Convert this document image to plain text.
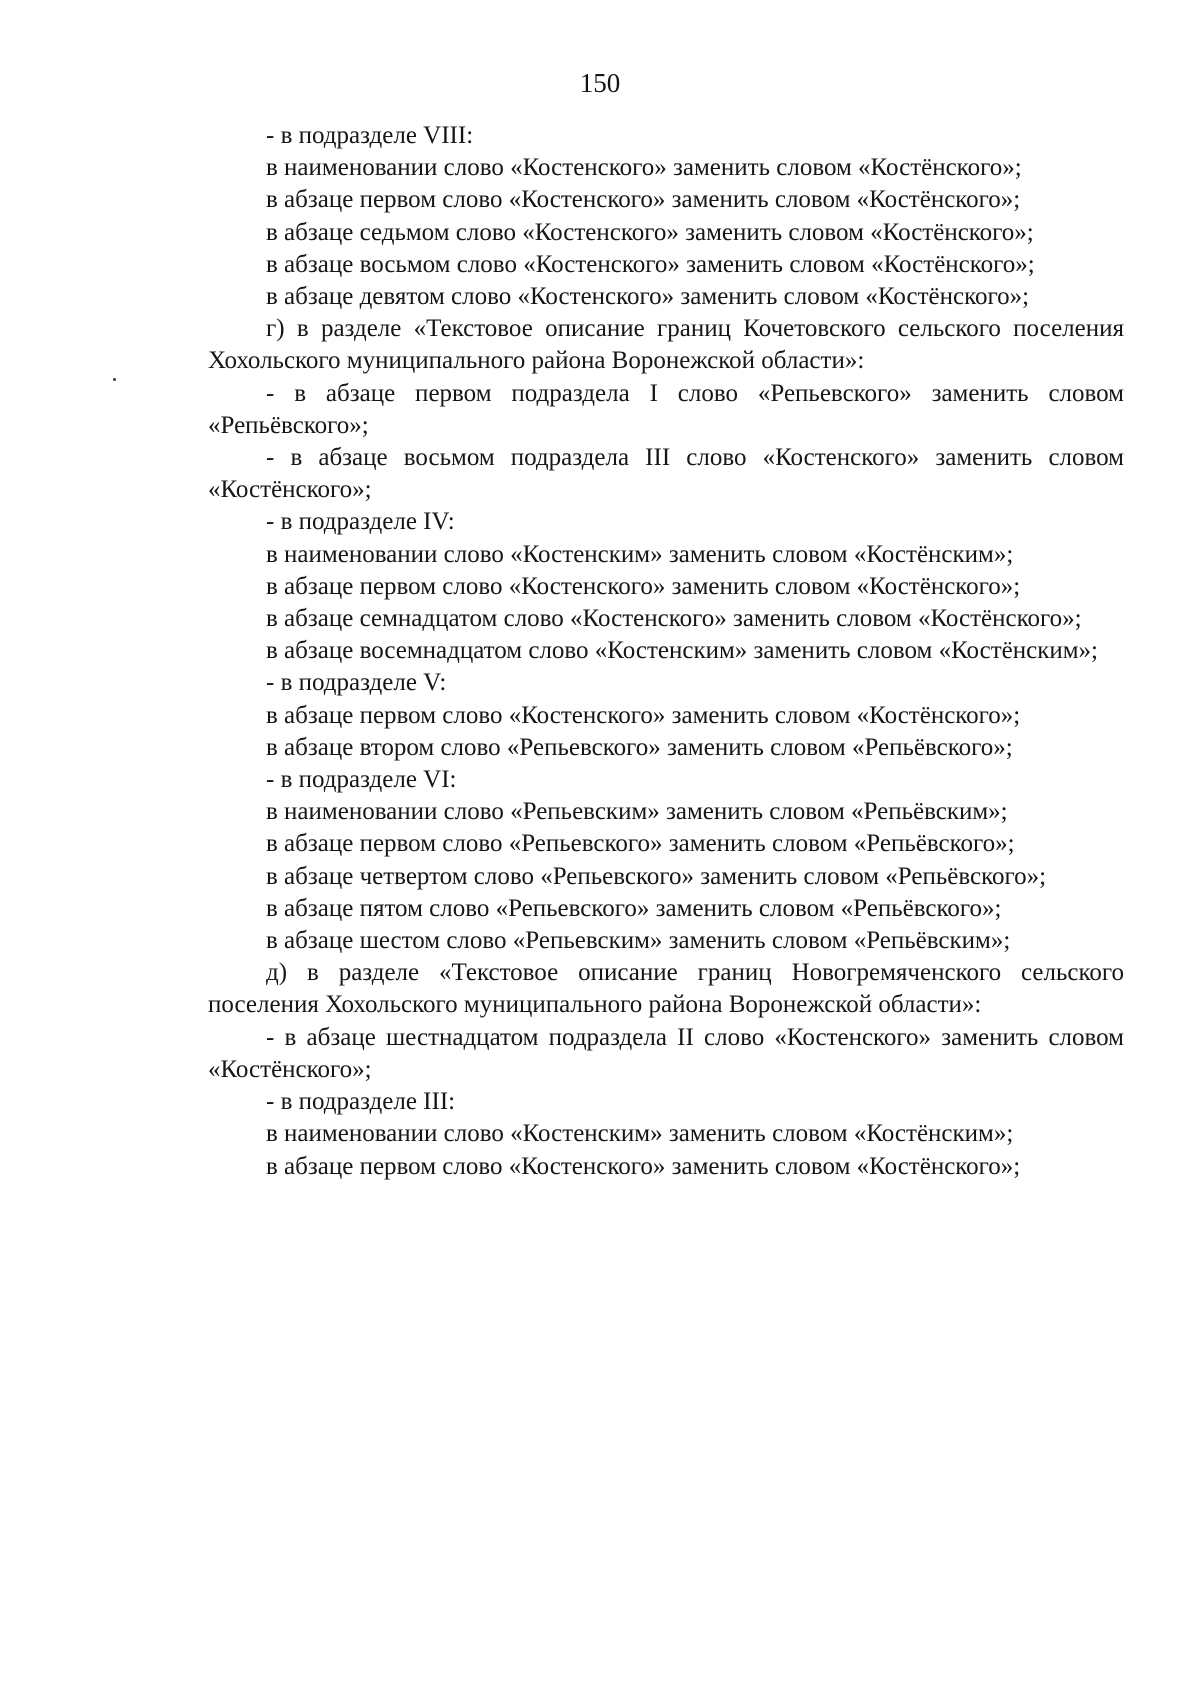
150

- в подразделе VIII:

в наименовании слово «Костенского» заменить словом «Костёнского»;

в абзаце первом слово «Костенского» заменить словом «Костёнского»;

в абзаце седьмом слово «Костенского» заменить словом «Костёнского»;

в абзаце восьмом слово «Костенского» заменить словом «Костёнского»;

в абзаце девятом слово «Костенского» заменить словом «Костёнского»;

г) в разделе «Текстовое описание границ Кочетовского сельского поселения Хохольского муниципального района Воронежской области»:

- в абзаце первом подраздела I слово «Репьевского» заменить словом «Репьёвского»;

- в абзаце восьмом подраздела III слово «Костенского» заменить словом «Костёнского»;

- в подразделе IV:

в наименовании слово «Костенским» заменить словом «Костёнским»;

в абзаце первом слово «Костенского» заменить словом «Костёнского»;

в абзаце семнадцатом слово «Костенского» заменить словом «Костёнского»;

в абзаце восемнадцатом слово «Костенским» заменить словом «Костёнским»;

- в подразделе V:

в абзаце первом слово «Костенского» заменить словом «Костёнского»;

в абзаце втором слово «Репьевского» заменить словом «Репьёвского»;

- в подразделе VI:

в наименовании слово «Репьевским» заменить словом «Репьёвским»;

в абзаце первом слово «Репьевского» заменить словом «Репьёвского»;

в абзаце четвертом слово «Репьевского» заменить словом «Репьёвского»;

в абзаце пятом слово «Репьевского» заменить словом «Репьёвского»;

в абзаце шестом слово «Репьевским» заменить словом «Репьёвским»;

д) в разделе «Текстовое описание границ Новогремяченского сельского поселения Хохольского муниципального района Воронежской области»:

- в абзаце шестнадцатом подраздела II слово «Костенского» заменить словом «Костёнского»;

- в подразделе III:

в наименовании слово «Костенским» заменить словом «Костёнским»;

в абзаце первом слово «Костенского» заменить словом «Костёнского»;
